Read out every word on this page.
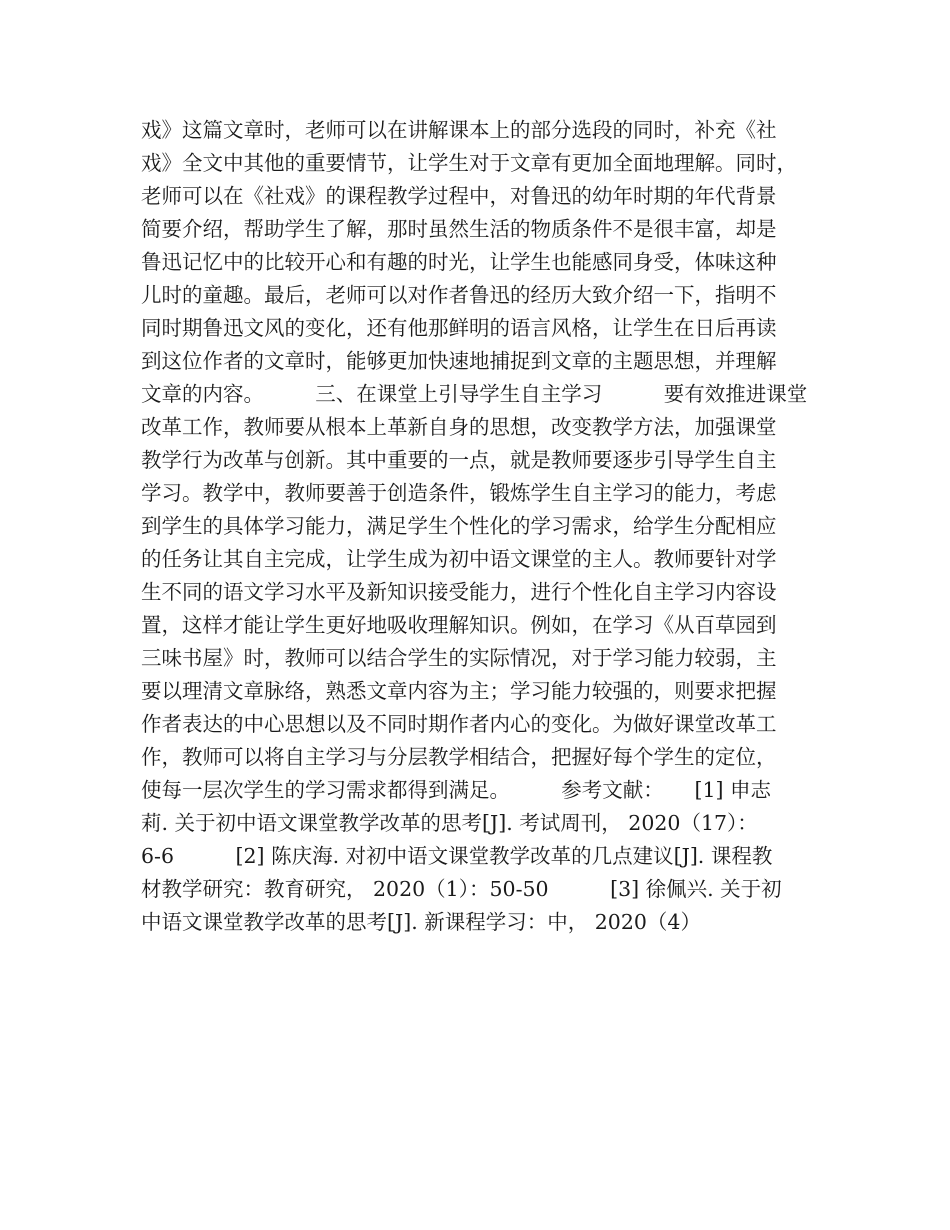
戏》这篇文章时，老师可以在讲解课本上的部分选段的同时，补充《社
戏》全文中其他的重要情节，让学生对于文章有更加全面地理解。同时，
老师可以在《社戏》的课程教学过程中，对鲁迅的幼年时期的年代背景
简要介绍，帮助学生了解，那时虽然生活的物质条件不是很丰富，却是
鲁迅记忆中的比较开心和有趣的时光，让学生也能感同身受，体味这种
儿时的童趣。最后，老师可以对作者鲁迅的经历大致介绍一下，指明不
同时期鲁迅文风的变化，还有他那鲜明的语言风格，让学生在日后再读
到这位作者的文章时，能够更加快速地捕捉到文章的主题思想，并理解
文章的内容。　　　三、在课堂上引导学生自主学习　　　要有效推进课堂
改革工作，教师要从根本上革新自身的思想，改变教学方法，加强课堂
教学行为改革与创新。其中重要的一点，就是教师要逐步引导学生自主
学习。教学中，教师要善于创造条件，锻炼学生自主学习的能力，考虑
到学生的具体学习能力，满足学生个性化的学习需求，给学生分配相应
的任务让其自主完成，让学生成为初中语文课堂的主人。教师要针对学
生不同的语文学习水平及新知识接受能力，进行个性化自主学习内容设
置，这样才能让学生更好地吸收理解知识。例如，在学习《从百草园到
三味书屋》时，教师可以结合学生的实际情况，对于学习能力较弱，主
要以理清文章脉络，熟悉文章内容为主；学习能力较强的，则要求把握
作者表达的中心思想以及不同时期作者内心的变化。为做好课堂改革工
作，教师可以将自主学习与分层教学相结合，把握好每个学生的定位，
使每一层次学生的学习需求都得到满足。　　　参考文献：　　[1] 申志
莉. 关于初中语文课堂教学改革的思考[J]. 考试周刊， 2020（17）：
6-6　　　[2] 陈庆海. 对初中语文课堂教学改革的几点建议[J]. 课程教
材教学研究：教育研究， 2020（1）：50-50　　　[3] 徐佩兴. 关于初
中语文课堂教学改革的思考[J]. 新课程学习：中， 2020（4）
